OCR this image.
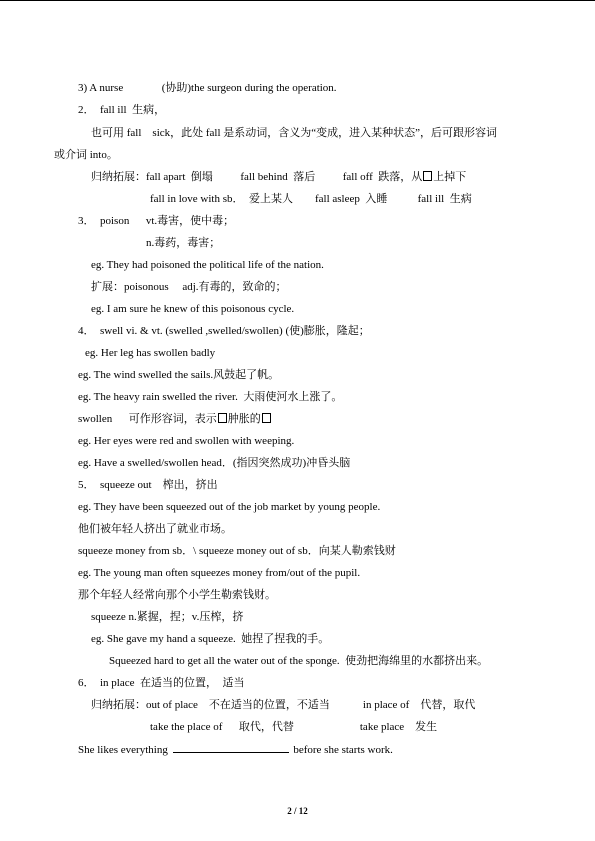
3) A nurse              (协助)the surgeon during the operation.
2．  fall ill  生病，
也可用 fall    sick，此处 fall 是系动词，含义为“变成，进入某种状态”，后可跟形容词
或介词 into。
归纳拓展：fall apart  倒塌          fall behind  落后          fall off  跌落，从 上掉下
fall in love with sb．  爱上某人        fall asleep  入睡           fall ill  生病
3．  poison      vt.毒害，使中毒；
n.毒药，毒害；
eg. They had poisoned the political life of the nation.
扩展：poisonous     adj.有毒的，致命的；
eg. I am sure he knew of this poisonous cycle.
4．  swell vi. & vt. (swelled ,swelled/swollen) (使)膨胀，隆起；
eg. Her leg has swollen badly
eg. The wind swelled the sails.风鼓起了帆。
eg. The heavy rain swelled the river.  大雨使河水上涨了。
swollen      可作形容词，表示 肿胀的
eg. Her eyes were red and swollen with weeping.
eg. Have a swelled/swollen head．(指因突然成功)冲昏头脑
5．  squeeze out    榨出，挤出
eg. They have been squeezed out of the job market by young people.
他们被年轻人挤出了就业市场。
squeeze money from sb．\ squeeze money out of sb．向某人勒索钱财
eg. The young man often squeezes money from/out of the pupil.
那个年轻人经常向那个小学生勒索钱财。
squeeze n.紧握，捏；v.压榨，挤
eg. She gave my hand a squeeze.  她捏了捏我的手。
Squeezed hard to get all the water out of the sponge.  使劲把海绵里的水都挤出来。
6．  in place  在适当的位置，  适当
归纳拓展：out of place    不在适当的位置，不适当            in place of    代替，取代
take the place of      取代，代替                        take place    发生
She likes everything	before she starts work.
2 / 12
